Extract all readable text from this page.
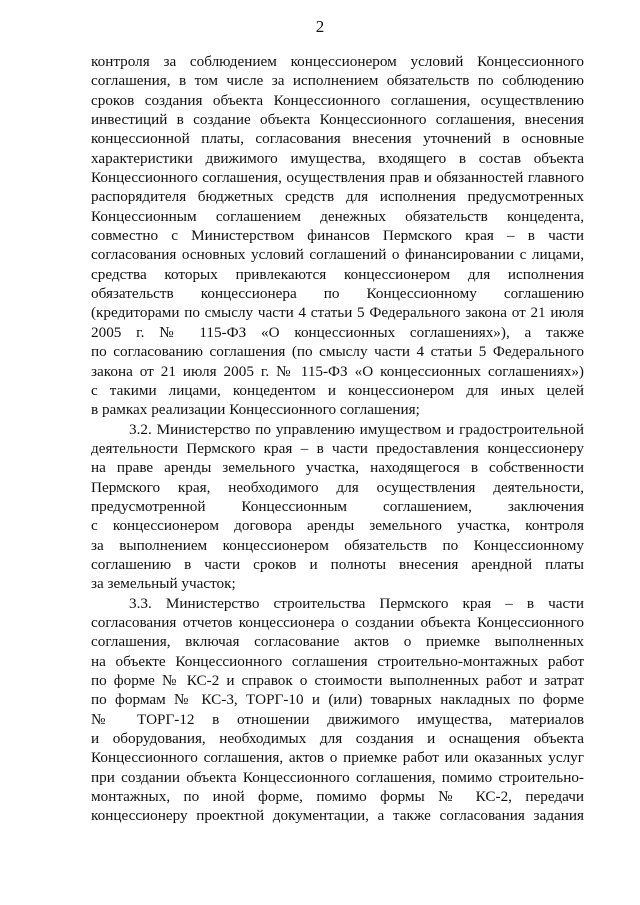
2
контроля за соблюдением концессионером условий Концессионного
соглашения, в том числе за исполнением обязательств по соблюдению
сроков создания объекта Концессионного соглашения, осуществлению
инвестиций в создание объекта Концессионного соглашения, внесения
концессионной платы, согласования внесения уточнений в основные
характеристики движимого имущества, входящего в состав объекта
Концессионного соглашения, осуществления прав и обязанностей главного
распорядителя бюджетных средств для исполнения предусмотренных
Концессионным соглашением денежных обязательств концедента,
совместно с Министерством финансов Пермского края – в части
согласования основных условий соглашений о финансировании с лицами,
средства которых привлекаются концессионером для исполнения
обязательств концессионера по Концессионному соглашению
(кредиторами по смыслу части 4 статьи 5 Федерального закона от 21 июля
2005 г. № 115-ФЗ «О концессионных соглашениях»), а также
по согласованию соглашения (по смыслу части 4 статьи 5 Федерального
закона от 21 июля 2005 г. № 115-ФЗ «О концессионных соглашениях»)
с такими лицами, концедентом и концессионером для иных целей
в рамках реализации Концессионного соглашения;
3.2. Министерство по управлению имуществом и градостроительной
деятельности Пермского края – в части предоставления концессионеру
на праве аренды земельного участка, находящегося в собственности
Пермского края, необходимого для осуществления деятельности,
предусмотренной Концессионным соглашением, заключения
с концессионером договора аренды земельного участка, контроля
за выполнением концессионером обязательств по Концессионному
соглашению в части сроков и полноты внесения арендной платы
за земельный участок;
3.3. Министерство строительства Пермского края – в части
согласования отчетов концессионера о создании объекта Концессионного
соглашения, включая согласование актов о приемке выполненных
на объекте Концессионного соглашения строительно-монтажных работ
по форме № КС-2 и справок о стоимости выполненных работ и затрат
по формам № КС-3, ТОРГ-10 и (или) товарных накладных по форме
№ ТОРГ-12 в отношении движимого имущества, материалов
и оборудования, необходимых для создания и оснащения объекта
Концессионного соглашения, актов о приемке работ или оказанных услуг
при создании объекта Концессионного соглашения, помимо строительно-
монтажных, по иной форме, помимо формы № КС-2, передачи
концессионеру проектной документации, а также согласования задания
